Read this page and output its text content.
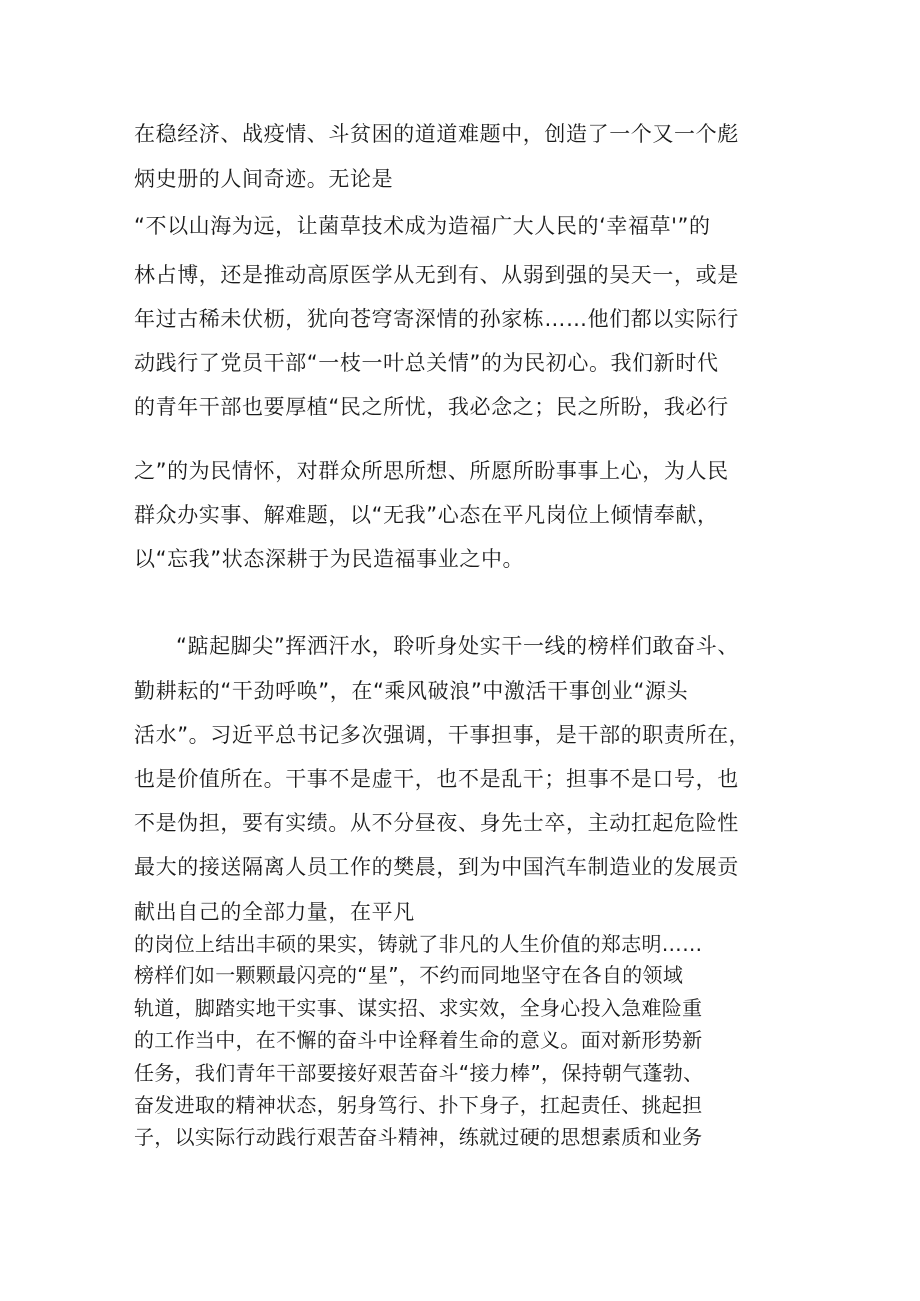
在稳经济、战疫情、斗贫困的道道难题中，创造了一个又一个彪
炳史册的人间奇迹。无论是
“不以山海为远，让菌草技术成为造福广大人民的‘幸福草'”的
林占博，还是推动高原医学从无到有、从弱到强的吴天一，或是
年过古稀未伏枥，犹向苍穹寄深情的孙家栋……他们都以实际行
动践行了党员干部“一枝一叶总关情”的为民初心。我们新时代
的青年干部也要厚植“民之所忧，我必念之；民之所盼，我必行
之”的为民情怀，对群众所思所想、所愿所盼事事上心，为人民
群众办实事、解难题，以“无我”心态在平凡岗位上倾情奉献，
以“忘我”状态深耕于为民造福事业之中。
“踮起脚尖”挥洒汗水，聆听身处实干一线的榜样们敢奋斗、
勤耕耘的“干劲呼唤”，在“乘风破浪”中激活干事创业“源头
活水”。习近平总书记多次强调，干事担事，是干部的职责所在，
也是价值所在。干事不是虚干，也不是乱干；担事不是口号，也
不是伪担，要有实绩。从不分昼夜、身先士卒，主动扛起危险性
最大的接送隔离人员工作的樊晨，到为中国汽车制造业的发展贡
献出自己的全部力量，在平凡
的岗位上结出丰硕的果实，铸就了非凡的人生价值的郑志明……
榜样们如一颗颗最闪亮的“星”，不约而同地坚守在各自的领域
轨道，脚踏实地干实事、谋实招、求实效，全身心投入急难险重
的工作当中，在不懈的奋斗中诠释着生命的意义。面对新形势新
任务，我们青年干部要接好艰苦奋斗“接力棒”，保持朝气蓬勃、
奋发进取的精神状态，躬身笃行、扑下身子，扛起责任、挑起担
子，以实际行动践行艰苦奋斗精神，练就过硬的思想素质和业务
